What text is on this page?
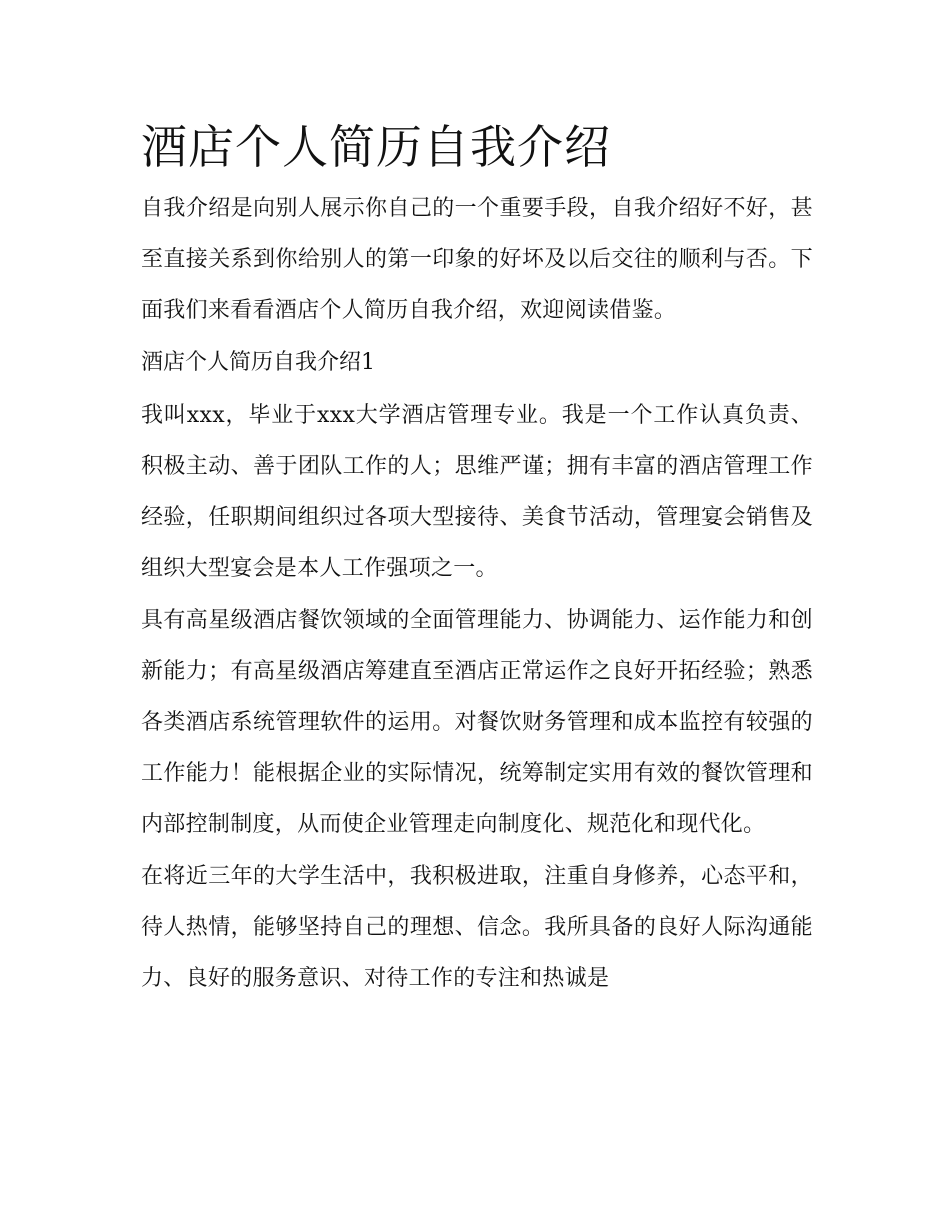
酒店个人简历自我介绍

自我介绍是向别人展示你自己的一个重要手段，自我介绍好不好，甚至直接关系到你给别人的第一印象的好坏及以后交往的顺利与否。下面我们来看看酒店个人简历自我介绍，欢迎阅读借鉴。

酒店个人简历自我介绍1

我叫xxx，毕业于xxx大学酒店管理专业。我是一个工作认真负责、积极主动、善于团队工作的人；思维严谨；拥有丰富的酒店管理工作经验，任职期间组织过各项大型接待、美食节活动，管理宴会销售及组织大型宴会是本人工作强项之一。

具有高星级酒店餐饮领域的全面管理能力、协调能力、运作能力和创新能力；有高星级酒店筹建直至酒店正常运作之良好开拓经验；熟悉各类酒店系统管理软件的运用。对餐饮财务管理和成本监控有较强的工作能力！能根据企业的实际情况，统筹制定实用有效的餐饮管理和内部控制制度，从而使企业管理走向制度化、规范化和现代化。

在将近三年的大学生活中，我积极进取，注重自身修养，心态平和，待人热情，能够坚持自己的理想、信念。我所具备的良好人际沟通能力、良好的服务意识、对待工作的专注和热诚是
